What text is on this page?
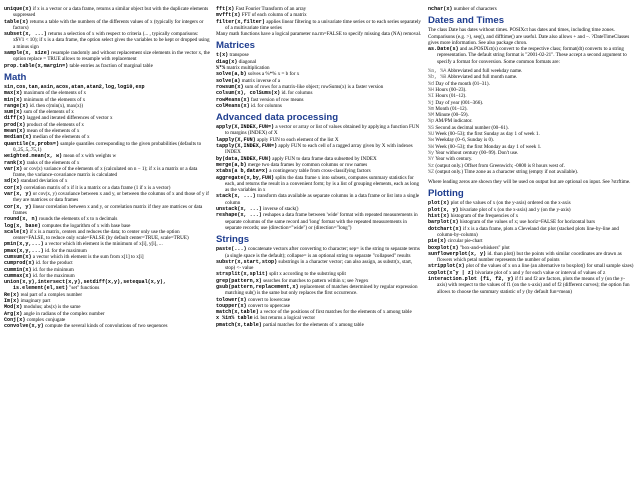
unique(x) if x is a vector or a data frame, returns a similar object but with the duplicate elements suppressed
table(x) returns a table with the numbers of the differents values of x (typically for integers or factors)
subset(x, ...) returns a selection of x with respect to criteria (... , typically comparisons: x$V1 < 10); if x is a data frame, the option select gives the variables to be kept or dropped using a minus sign
sample(x, size) resample randomly and without replacement size elements in the vector x, the option replace = TRUE allows to resample with replacement
prop.table(x,margin=) table entries as fraction of marginal table
Math
sin,cos,tan,asin,acos,atan,atan2,log,log10,exp
max(x) maximum of the elements of x
min(x) minimum of the elements of x
range(x) id. then c(min(x), max(x))
sum(x) sum of the elements of x
diff(x) lagged and iterated differences of vector x
prod(x) product of the elements of x
mean(x) mean of the elements of x
median(x) median of the elements of x
quantile(x,probs=) sample quantiles corresponding to the given probabilities (defaults to 0,.25,.5,.75,1)
weighted.mean(x, w) mean of x with weights w
rank(x) ranks of the elements of x
var(x) or cov(x) variance of the elements of x (calculated on n − 1); if x is a matrix or a data frame, the variance-covariance matrix is calculated
sd(x) standard deviation of x
cor(x) correlation matrix of x if it is a matrix or a data frame (1 if x is a vector)
var(x, y) or cov(x, y) covariance between x and y, or between the columns of x and those of y if they are matrices or data frames
cor(x, y) linear correlation between x and y, or correlation matrix if they are matrices or data frames
round(x, n) rounds the elements of x to n decimals
log(x, base) computes the logarithm of x with base base
scale(x) if x is a matrix, centers and reduces the data; to center only use the option center=FALSE, to reduce only scale=FALSE (by default center=TRUE, scale=TRUE)
pmin(x,y,...) a vector which ith element is the minimum of x[i], y[i], ...
pmax(x,y,...) id. for the maximum
cumsum(x) a vector which ith element is the sum from x[1] to x[i]
cumprod(x) id. for the product
cummin(x) id. for the minimum
cummax(x) id. for the maximum
union(x,y),intersect(x,y),setdiff(x,y),setequal(x,y), is.element(el,set) "set" functions
Re(x) real part of a complex number
Im(x) imaginary part
Mod(x) modulus; abs(x) is the same
Arg(x) angle in radians of the complex number
Conj(x) complex conjugate
convolve(x,y) compute the several kinds of convolutions of two sequences
fft(x) Fast Fourier Transform of an array
mvfft(x) FFT of each column of a matrix
filter(x,filter) applies linear filtering to a univariate time series or to each series separately of a multivariate time series
Many math functions have a logical parameter na.rm=FALSE to specify missing data (NA) removal.
Matrices
t(x) transpose
diag(x) diagonal
%*% matrix multiplication
solve(a,b) solves a %*% x = b for x
solve(a) matrix inverse of a
rowsum(x) sum of rows for a matrix-like object; rowSums(x) is a faster version
colsum(x), colSums(x) id. for columns
rowMeans(x) fast version of row means
colMeans(x) id. for columns
Advanced data processing
apply(X,INDEX,FUN=) a vector or array or list of values obtained by applying a function FUN to margins (INDEX) of X
lapply(X,FUN) apply FUN to each element of the list X
tapply(X,INDEX,FUN=) apply FUN to each cell of a ragged array given by X with indexes INDEX
by(data,INDEX,FUN) apply FUN to data frame data subsetted by INDEX
merge(a,b) merge two data frames by common columns or row names
xtabs(a b,data=x) a contingency table from cross-classifying factors
aggregate(x,by,FUN) splits the data frame x into subsets, computes summary statistics for each, and returns the result in a convenient form; by is a list of grouping elements, each as long as the variables in x
stack(x, ...) transform data available as separate columns in a data frame or list into a single column
unstack(x, ...) inverse of stack()
reshape(x, ...) reshapes a data frame between 'wide' format with repeated measurements in separate columns of the same record and 'long' format with the repeated measurements in separate records; use (direction="wide") or (direction="long")
Strings
paste(...) concatenate vectors after converting to character; sep= is the string to separate terms (a single space is the default); collapse= is an optional string to separate "collapsed" results
substr(x,start,stop) substrings in a character vector; can also assign, as substr(x, start, stop) <- value
strsplit(x,split) split x according to the substring split
grep(pattern,x) searches for matches to pattern within x; see ?regex
gsub(pattern,replacement,x) replacement of matches determined by regular expression matching sub() is the same but only replaces the first occurrence.
tolower(x) convert to lowercase
toupper(x) convert to uppercase
match(x,table) a vector of the positions of first matches for the elements of x among table
x %in% table id. but returns a logical vector
pmatch(x,table) partial matches for the elements of x among table
nchar(x) number of characters
Dates and Times
The class Date has dates without times. POSIXct has dates and times, including time zones. Comparisons (e.g. >), seq(), and difftime() are useful. Date also allows + and −. ?DateTimeClasses gives more information. See also package chron.
as.Date(s) and as.POSIXct(s) convert to the respective class; format(dt) converts to a string representation. The default string format is "2001-02-21". These accept a second argument to specify a format for conversion. Some common formats are:
%a, %A Abbreviated and full weekday name.
%b, %B Abbreviated and full month name.
%d Day of the month (01–31).
%H Hours (00–23).
%I Hours (01–12).
%j Day of year (001–366).
%m Month (01–12).
%M Minute (00–59).
%p AM/PM indicator.
%S Second as decimal number (00–61).
%U Week (00–53); the first Sunday as day 1 of week 1.
%w Weekday (0–6, Sunday is 0).
%W Week (00–53); the first Monday as day 1 of week 1.
%y Year without century (00–99). Don't use.
%Y Year with century.
%z (output only.) Offset from Greenwich; -0800 is 8 hours west of.
%Z (output only.) Time zone as a character string (empty if not available).
Where leading zeros are shown they will be used on output but are optional on input. See ?strftime.
Plotting
plot(x) plot of the values of x (on the y-axis) ordered on the x-axis
plot(x, y) bivariate plot of x (on the x-axis) and y (on the y-axis)
hist(x) histogram of the frequencies of x
barplot(x) histogram of the values of x; use horiz=FALSE for horizontal bars
dotchart(x) if x is a data frame, plots a Cleveland dot plot (stacked plots line-by-line and column-by-column)
pie(x) circular pie-chart
boxplot(x) "box-and-whiskers" plot
sunflowerplot(x, y) id. than plot() but the points with similar coordinates are drawn as flowers which petal number represents the number of points
stripplot(x) plot of the values of x on a line (an alternative to boxplot() for small sample sizes)
coplot(x˜y | z) bivariate plot of x and y for each value or interval of values of z
interaction.plot (f1, f2, y) if f1 and f2 are factors, plots the means of y (on the y-axis) with respect to the values of f1 (on the x-axis) and of f2 (different curves); the option fun allows to choose the summary statistic of y (by default fun=mean)
